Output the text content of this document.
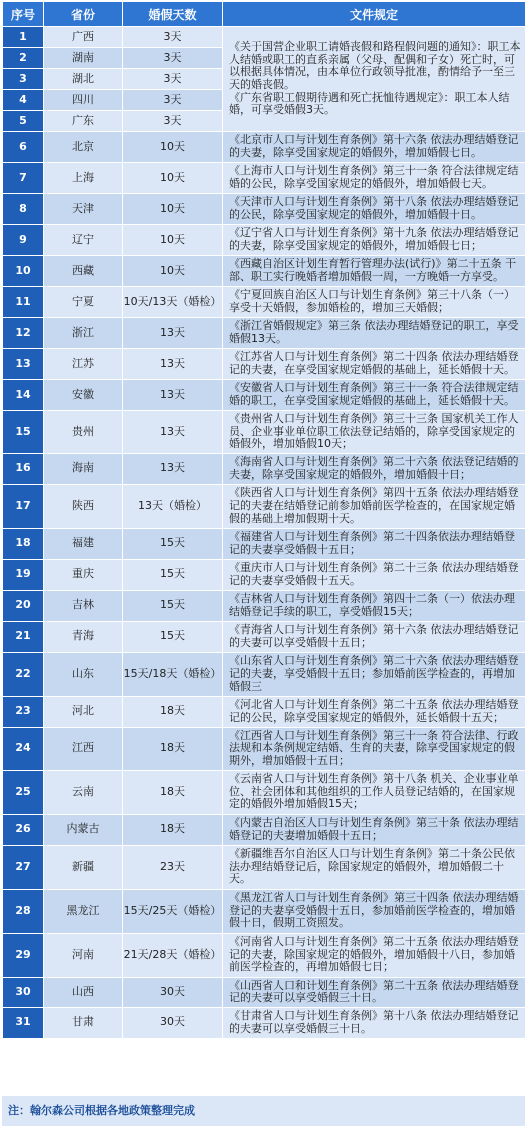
序号	省份	婚假天数	文件规定
1	广西	3天	《关于国营企业职工请婚丧假和路程假问题的通知》：职工本人结婚或职工的直系亲属（父母、配偶和子女）死亡时，可以根据具体情况，由本单位行政领导批准，酌情给予一至三天的婚丧假。
《广东省职工假期待遇和死亡抚恤待遇规定》：职工本人结婚，可享受婚假3天。
2	湖南	3天	
3	湖北	3天	
4	四川	3天	
5	广东	3天	
6	北京	10天	《北京市人口与计划生育条例》第十六条 依法办理结婚登记的夫妻，除享受国家规定的婚假外，增加婚假七日。
7	上海	10天	《上海市人口与计划生育条例》第三十一条 符合法律规定结婚的公民，除享受国家规定的婚假外，增加婚假七天。
8	天津	10天	《天津市人口与计划生育条例》第十八条 依法办理结婚登记的公民，除享受国家规定的婚假外，增加婚假十日。
9	辽宁	10天	《辽宁省人口与计划生育条例》第十九条 依法办理结婚登记的夫妻，除享受国家规定的婚假外，增加婚假七日；
10	西藏	10天	《西藏自治区计划生育暂行管理办法(试行)》第二十五条 干部、职工实行晚婚者增加婚假一周，一方晚婚一方享受。
11	宁夏	10天/13天（婚检）	《宁夏回族自治区人口与计划生育条例》第三十八条（一）享受十天婚假，参加婚检的，增加三天婚假；
12	浙江	13天	《浙江省婚假规定》第三条 依法办理结婚登记的职工，享受婚假13天。
13	江苏	13天	《江苏省人口与计划生育条例》第二十四条 依法办理结婚登记的夫妻，在享受国家规定婚假的基础上，延长婚假十天。
14	安徽	13天	《安徽省人口与计划生育条例》第三十一条 符合法律规定结婚的职工，在享受国家规定婚假的基础上，延长婚假十天。
15	贵州	13天	《贵州省人口与计划生育条例》第三十三条 国家机关工作人员、企业事业单位职工依法登记结婚的，除享受国家规定的婚假外，增加婚假10天；
16	海南	13天	《海南省人口与计划生育条例》第二十六条 依法登记结婚的夫妻，除享受国家规定的婚假外，增加婚假十日；
17	陕西	13天（婚检）	《陕西省人口与计划生育条例》第四十五条 依法办理结婚登记的夫妻在结婚登记前参加婚前医学检查的，在国家规定婚假的基础上增加假期十天。
18	福建	15天	《福建省人口与计划生育条例》第二十四条依法办理结婚登记的夫妻享受婚假十五日；
19	重庆	15天	《重庆市人口与计划生育条例》第二十三条 依法办理结婚登记的夫妻享受婚假十五天。
20	吉林	15天	《吉林省人口与计划生育条例》第四十二条（一）依法办理结婚登记手续的职工，享受婚假15天；
21	青海	15天	《青海省人口与计划生育条例》第十六条 依法办理结婚登记的夫妻可以享受婚假十五日；
22	山东	15天/18天（婚检）	《山东省人口与计划生育条例》第二十六条 依法办理结婚登记的夫妻，享受婚假十五日；参加婚前医学检查的，再增加婚假三
23	河北	18天	《河北省人口与计划生育条例》第二十五条 依法办理结婚登记的公民，除享受国家规定的婚假外，延长婚假十五天；
24	江西	18天	《江西省人口与计划生育条例》第三十一条 符合法律、行政法规和本条例规定结婚、生育的夫妻，除享受国家规定的假期外，增加婚假十五日；
25	云南	18天	《云南省人口与计划生育条例》第十八条 机关、企业事业单位、社会团体和其他组织的工作人员登记结婚的，在国家规定的婚假外增加婚假15天；
26	内蒙古	18天	《内蒙古自治区人口与计划生育条例》第三十条 依法办理结婚登记的夫妻增加婚假十五日；
27	新疆	23天	《新疆维吾尔自治区人口与计划生育条例》第二十条公民依法办理结婚登记后，除国家规定的婚假外，增加婚假二十天。
28	黑龙江	15天/25天（婚检）	《黑龙江省人口与计划生育条例》第三十四条 依法办理结婚登记的夫妻享受婚假十五日，参加婚前医学检查的，增加婚假十日，假期工资照发。
29	河南	21天/28天（婚检）	《河南省人口与计划生育条例》第二十五条 依法办理结婚登记的夫妻，除国家规定的婚假外，增加婚假十八日，参加婚前医学检查的，再增加婚假七日；
30	山西	30天	《山西省人口和计划生育条例》第二十五条 依法办理结婚登记的夫妻可以享受婚假三十日。
31	甘肃	30天	《甘肃省人口与计划生育条例》第十八条 依法办理结婚登记的夫妻可以享受婚假三十日。
注：翰尔森公司根据各地政策整理完成
